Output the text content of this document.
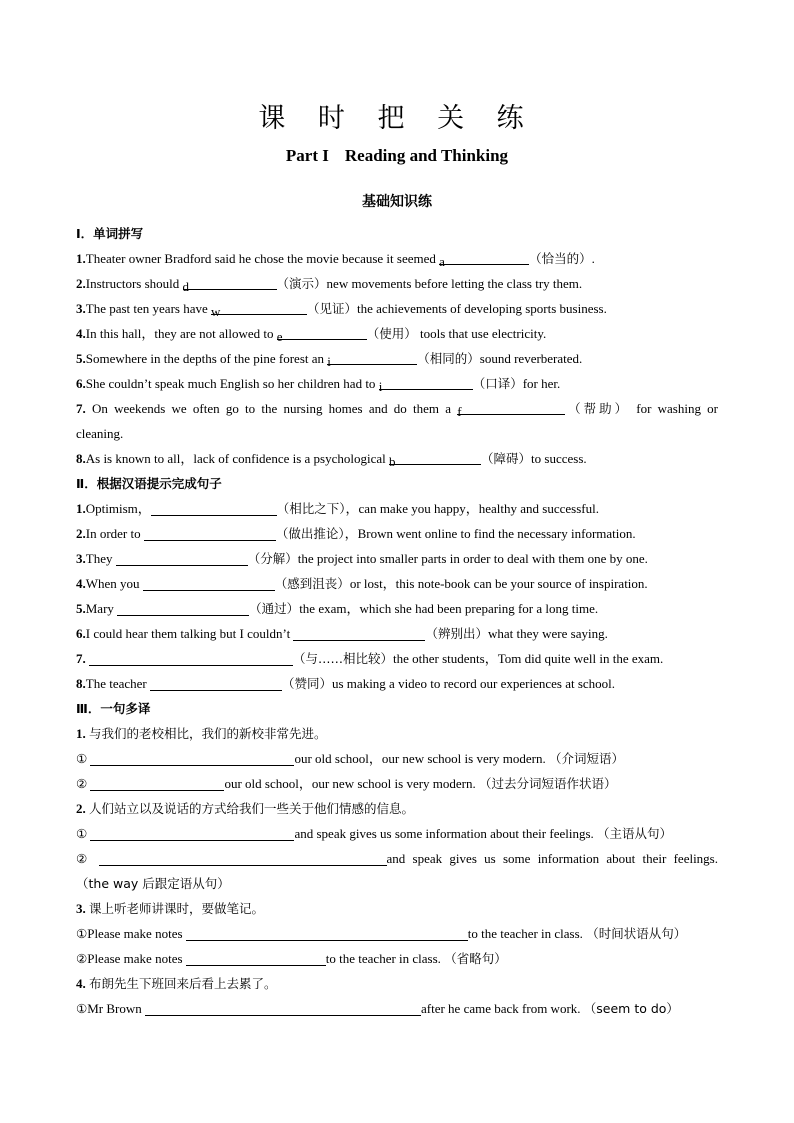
课 时 把 关 练
Part I Reading and Thinking
基础知识练
Ⅰ．单词拼写
1.Theater owner Bradford said he chose the movie because it seemed a	（恰当的）.
2.Instructors should d	（演示）new movements before letting the class try them.
3.The past ten years have w	（见证）the achievements of developing sports business.
4.In this hall，they are not allowed to e	（使用） tools that use electricity.
5.Somewhere in the depths of the pine forest an i	（相同的）sound reverberated.
6.She couldn’t speak much English so her children had to i	（口译）for her.
7. On weekends we often go to the nursing homes and do them a f	（帮助） for washing or
cleaning.
8.As is known to all，lack of confidence is a psychological b	（障碍）to success.
Ⅱ．根据汉语提示完成句子
1.Optimism，	（相比之下），can make you happy，healthy and successful.
2.In order to	（做出推论），Brown went online to find the necessary information.
3.They	（分解）the project into smaller parts in order to deal with them one by one.
4.When you	（感到沮丧）or lost，this note-book can be your source of inspiration.
5.Mary	（通过）the exam，which she had been preparing for a long time.
6.I could hear them talking but I couldn’t	（辨别出）what they were saying.
7.	（与……相比较）the other students，Tom did quite well in the exam.
8.The teacher	（赞同）us making a video to record our experiences at school.
Ⅲ．一句多译
1. 与我们的老校相比，我们的新校非常先进。
①	our old school，our new school is very modern. （介词短语）
②	our old school，our new school is very modern. （过去分词短语作状语）
2. 人们站立以及说话的方式给我们一些关于他们情感的信息。
①	and speak gives us some information about their feelings. （主语从句）
②	and speak gives us some information about their feelings.
（the way 后跟定语从句）
3. 课上听老师讲课时，要做笔记。
①Please make notes	to the teacher in class. （时间状语从句）
②Please make notes	to the teacher in class. （省略句）
4. 布朗先生下班回来后看上去累了。
①Mr Brown	after he came back from work. （seem to do）
